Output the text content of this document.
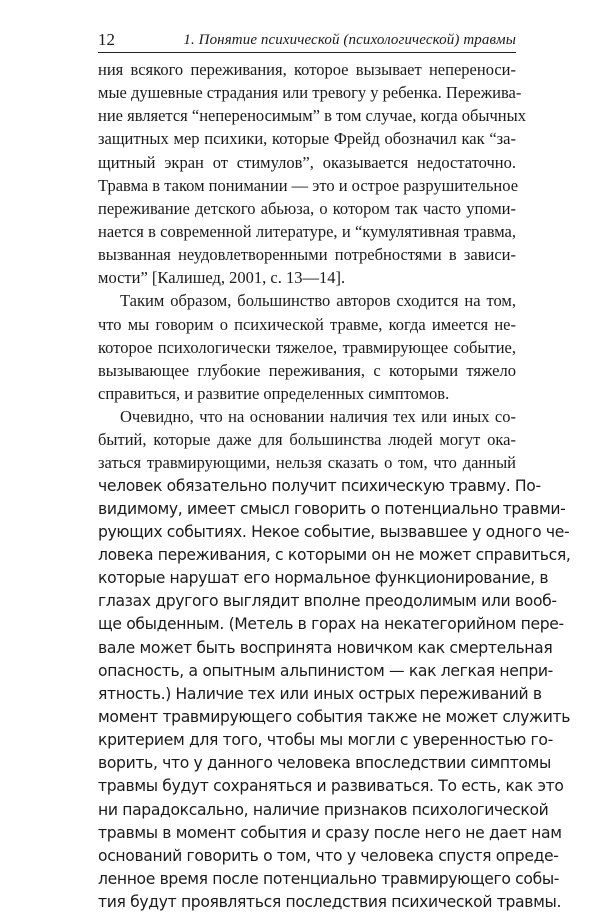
12	1. Понятие психической (психологической) травмы
ния всякого переживания, которое вызывает непереноси-
мые душевные страдания или тревогу у ребенка. Пережива-
ние является “непереносимым” в том случае, когда обычных
защитных мер психики, которые Фрейд обозначил как “за-
щитный экран от стимулов”, оказывается недостаточно.
Травма в таком понимании — это и острое разрушительное
переживание детского абьюза, о котором так часто упоми-
нается в современной литературе, и “кумулятивная травма,
вызванная неудовлетворенными потребностями в зависи-
мости” [Калишед, 2001, с. 13—14].
Таким образом, большинство авторов сходится на том,
что мы говорим о психической травме, когда имеется не-
которое психологически тяжелое, травмирующее событие,
вызывающее глубокие переживания, с которыми тяжело
справиться, и развитие определенных симптомов.
Очевидно, что на основании наличия тех или иных со-
бытий, которые даже для большинства людей могут ока-
заться травмирующими, нельзя сказать о том, что данный
человек обязательно получит психическую травму. По-
видимому, имеет смысл говорить о потенциально травми-
рующих событиях. Некое событие, вызвавшее у одного че-
ловека переживания, с которыми он не может справиться,
которые нарушат его нормальное функционирование, в
глазах другого выглядит вполне преодолимым или вооб-
ще обыденным. (Метель в горах на некатегорийном пере-
вале может быть воспринята новичком как смертельная
опасность, а опытным альпинистом — как легкая непри-
ятность.) Наличие тех или иных острых переживаний в
момент травмирующего события также не может служить
критерием для того, чтобы мы могли с уверенностью го-
ворить, что у данного человека впоследствии симптомы
травмы будут сохраняться и развиваться. То есть, как это
ни парадоксально, наличие признаков психологической
травмы в момент события и сразу после него не дает нам
оснований говорить о том, что у человека спустя опреде-
ленное время после потенциально травмирующего собы-
тия будут проявляться последствия психической травмы.
